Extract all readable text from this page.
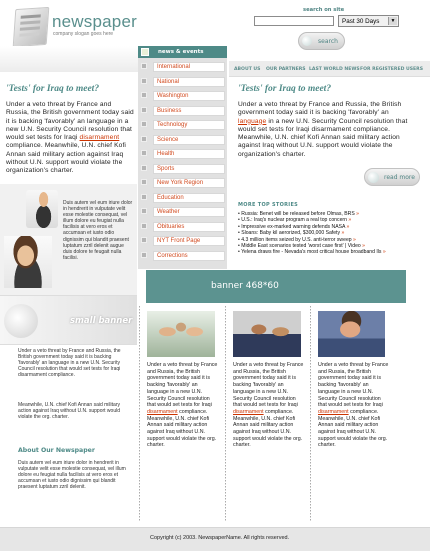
newspaper
company slogan goes here
search on site
Past 30 Days	▼
search
news & events
International
National
Washington
Business
Technology
Science
Health
Sports
New York Region
Education
Weather
Obituaries
NYT Front Page
Corrections
ABOUT US OUR PARTNERS LAST WORLD NEWS FOR REGISTERED USERS
'Tests' for Iraq to meet?
Under a veto threat by France and Russia, the British government today said it is backing 'favorably' an language in a new U.N. Security Council resolution that would set tests for Iraqi disarmament compliance. Meanwhile, U.N. chief Kofi Annan said military action against Iraq without U.N. support would violate the organization's charter.
'Tests' for Iraq to meet?
Under a veto threat by France and Russia, the British government today said it is backing 'favorably' an language in a new U.N. Security Council resolution that would set tests for Iraqi disarmament compliance. Meanwhile, U.N. chief Kofi Annan said military action against Iraq without U.N. support would violate the organization's charter.
read more
MORE TOP STORIES
• Russia: Benet will be released before Olmas, BRS »
• U.S.: Iraq's nuclear program a real top concern »
• Impressive ex-marked warning defends NASA »
• Sloans: Baby kil aerorized, $300,000 Safety »
• 4.3 million items seized by U.S. anti-terror sweep »
• Middle East scenarios tested 'worst case first' | Video »
• Yelena draws fire - Nevada's most critical house broadband Ils »
Duis autem vel eum iriure dolor in hendrerit in vulputate velit esse molestie consequat, vel illum dolore eu feugiat nulla facilisis at vero eros et accumsan et iusto odio dignissim qui blandit praesent luptatum zzril delenit augue duis dolore te feugait nulla facilisi.
small banner
Under a veto threat by France and Russia, the British government today said it is backing 'favorably' an language in a new U.N. Security Council resolution that would set tests for Iraqi disarmament compliance.
Meanwhile, U.N. chief Kofi Annan said military action against Iraq without U.N. support would violate the org. charter.
About Our Newspaper
Duis autem vel eum iriure dolor in hendrerit in vulputate velit esse molestie consequat, vel illum dolore eu feugiat nulla facilisis at vero eros et accumsan et iusto odio dignissim qui blandit praesent luptatum zzril delenit.
banner 468*60
Under a veto threat by France and Russia, the British government today said it is backing 'favorably' an language in a new U.N. Security Council resolution that would set tests for Iraqi disarmament compliance. Meanwhile, U.N. chief Kofi Annan said military action against Iraq without U.N. support would violate the org. charter.
Under a veto threat by France and Russia, the British government today said it is backing 'favorably' an language in a new U.N. Security Council resolution that would set tests for Iraqi disarmament compliance. Meanwhile, U.N. chief Kofi Annan said military action against Iraq without U.N. support would violate the org. charter.
Under a veto threat by France and Russia, the British government today said it is backing 'favorably' an language in a new U.N. Security Council resolution that would set tests for Iraqi disarmament compliance. Meanwhile, U.N. chief Kofi Annan said military action against Iraq without U.N. support would violate the org. charter.
Copyright (c) 2003. NewspaperName. All rights reserved.
